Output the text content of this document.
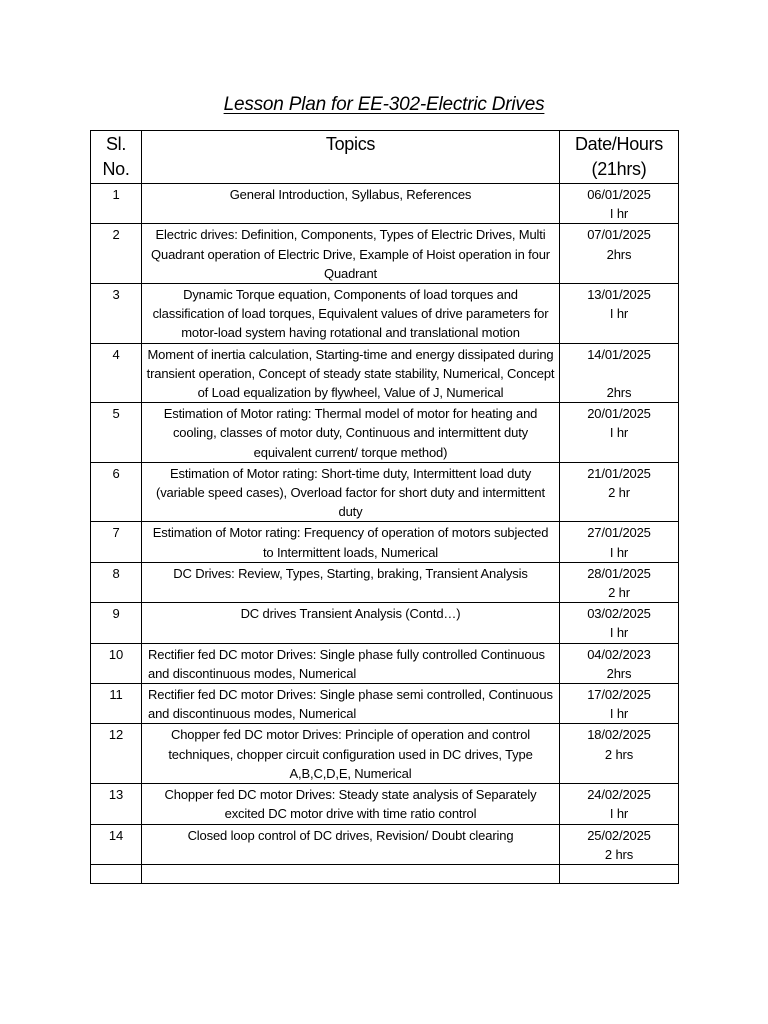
Lesson Plan for EE-302-Electric Drives
Sl.
No.	Topics	Date/Hours
(21hrs)

1	General Introduction, Syllabus, References	06/01/2025
I hr

2	Electric drives: Definition, Components, Types of Electric Drives, Multi Quadrant operation of Electric Drive, Example of Hoist operation in four Quadrant	07/01/2025
2hrs

3	Dynamic Torque equation, Components of load torques and classification of load torques, Equivalent values of drive parameters for motor-load system having rotational and translational motion	13/01/2025
I hr

4	Moment of inertia calculation, Starting-time and energy dissipated during transient operation, Concept of steady state stability, Numerical, Concept of Load equalization by flywheel, Value of J, Numerical	14/01/2025
2hrs

5	Estimation of Motor rating: Thermal model of motor for heating and cooling, classes of motor duty, Continuous and intermittent duty equivalent current/ torque method)	20/01/2025
I hr

6	Estimation of Motor rating: Short-time duty, Intermittent load duty (variable speed cases), Overload factor for short duty and intermittent duty	21/01/2025
2 hr

7	Estimation of Motor rating: Frequency of operation of motors subjected to Intermittent loads, Numerical	27/01/2025
I hr

8	DC Drives: Review, Types, Starting, braking, Transient Analysis	28/01/2025
2 hr

9	DC drives Transient Analysis (Contd…)	03/02/2025
I hr

10	Rectifier fed DC motor Drives: Single phase fully controlled Continuous and discontinuous modes, Numerical	04/02/2023
2hrs

11	Rectifier fed DC motor Drives: Single phase semi controlled, Continuous and discontinuous modes, Numerical	17/02/2025
I hr

12	Chopper fed DC motor Drives: Principle of operation and control techniques, chopper circuit configuration used in DC drives, Type A,B,C,D,E, Numerical	18/02/2025
2 hrs

13	Chopper fed DC motor Drives: Steady state analysis of Separately excited DC motor drive with time ratio control	24/02/2025
I hr

14	Closed loop control of DC drives, Revision/ Doubt clearing	25/02/2025
2 hrs
